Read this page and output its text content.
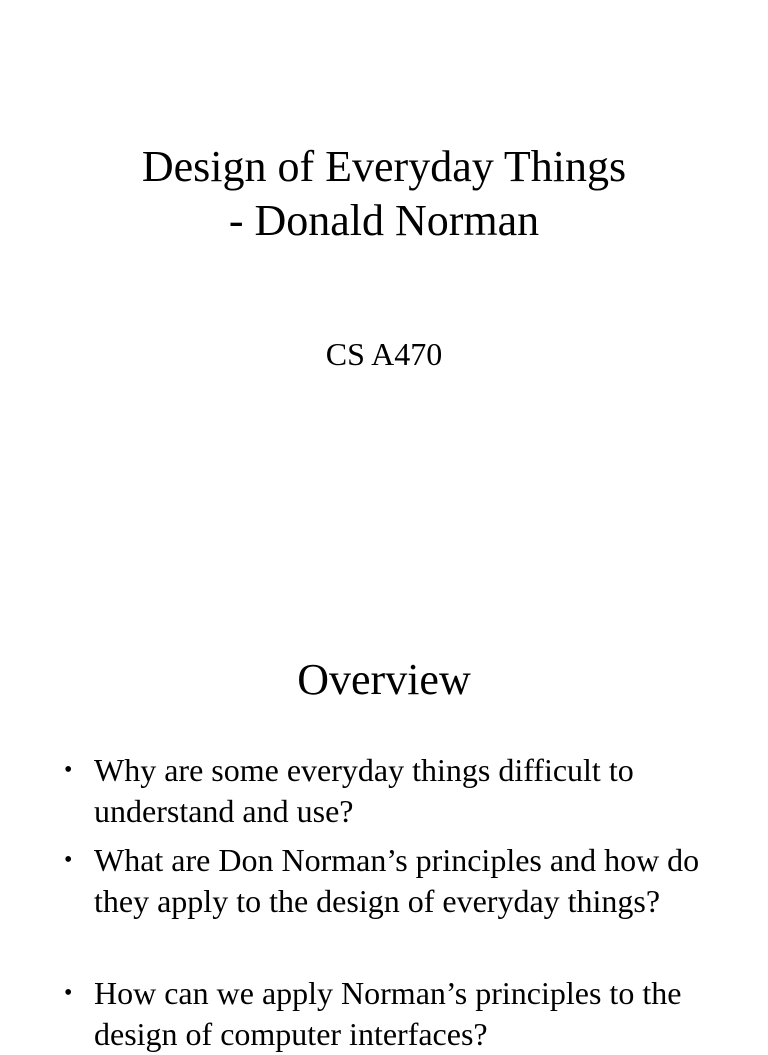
Design of Everyday Things
- Donald Norman
CS A470
Overview
• Why are some everyday things difficult to understand and use?
• What are Don Norman’s principles and how do they apply to the design of everyday things?
• How can we apply Norman’s principles to the design of computer interfaces?
